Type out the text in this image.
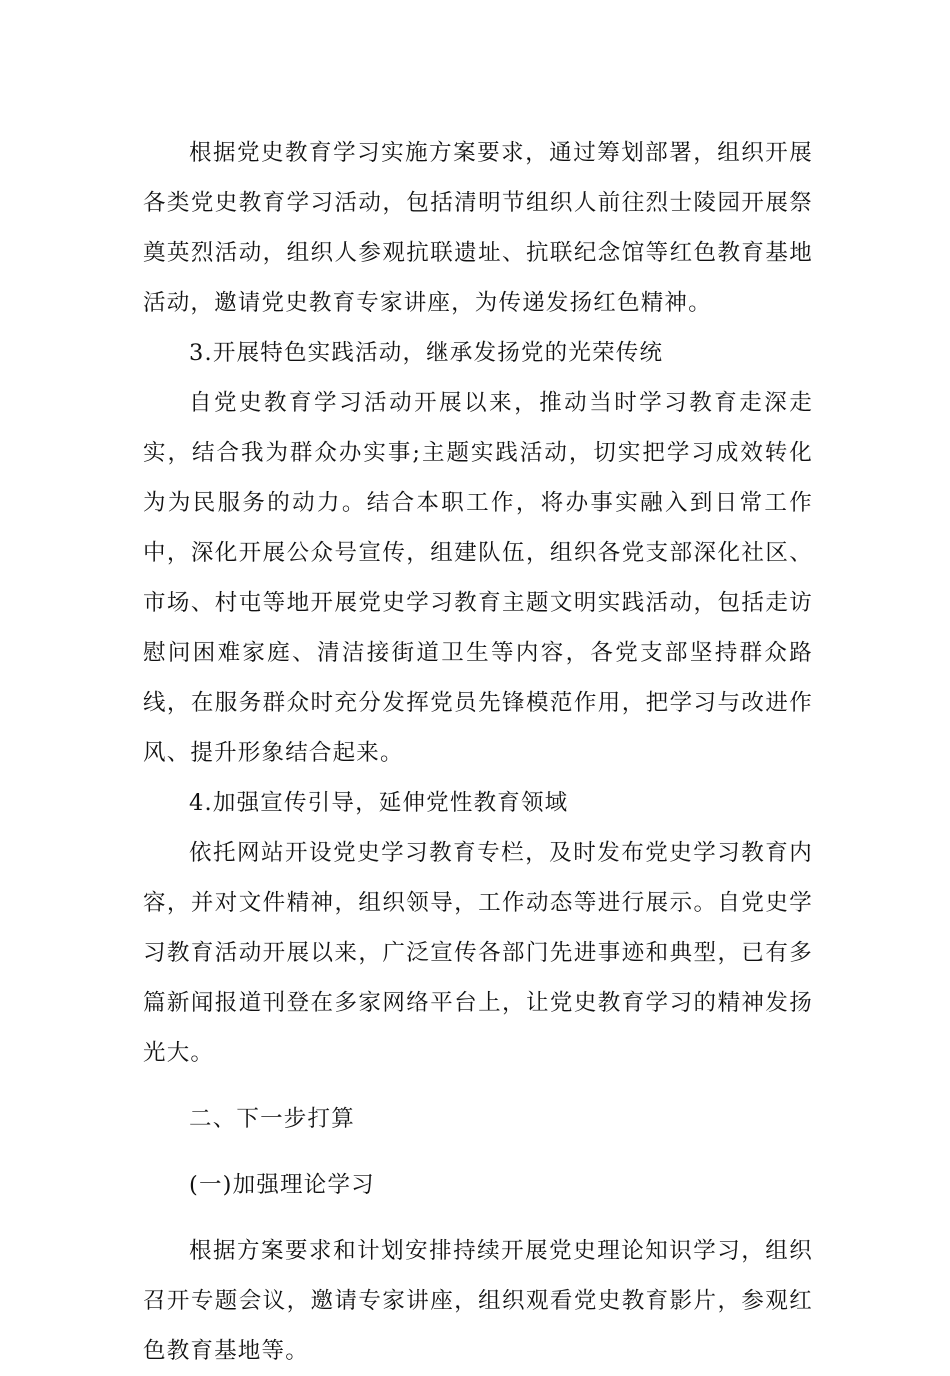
根据党史教育学习实施方案要求，通过筹划部署，组织开展各类党史教育学习活动，包括清明节组织人前往烈士陵园开展祭奠英烈活动，组织人参观抗联遗址、抗联纪念馆等红色教育基地活动，邀请党史教育专家讲座，为传递发扬红色精神。

3.开展特色实践活动，继承发扬党的光荣传统

自党史教育学习活动开展以来，推动当时学习教育走深走实，结合我为群众办实事;主题实践活动，切实把学习成效转化为为民服务的动力。结合本职工作，将办事实融入到日常工作中，深化开展公众号宣传，组建队伍，组织各党支部深化社区、市场、村屯等地开展党史学习教育主题文明实践活动，包括走访慰问困难家庭、清洁接街道卫生等内容，各党支部坚持群众路线，在服务群众时充分发挥党员先锋模范作用，把学习与改进作风、提升形象结合起来。

4.加强宣传引导，延伸党性教育领域

依托网站开设党史学习教育专栏，及时发布党史学习教育内容，并对文件精神，组织领导，工作动态等进行展示。自党史学习教育活动开展以来，广泛宣传各部门先进事迹和典型，已有多篇新闻报道刊登在多家网络平台上，让党史教育学习的精神发扬光大。

二、下一步打算

(一)加强理论学习

根据方案要求和计划安排持续开展党史理论知识学习，组织召开专题会议，邀请专家讲座，组织观看党史教育影片，参观红色教育基地等。
